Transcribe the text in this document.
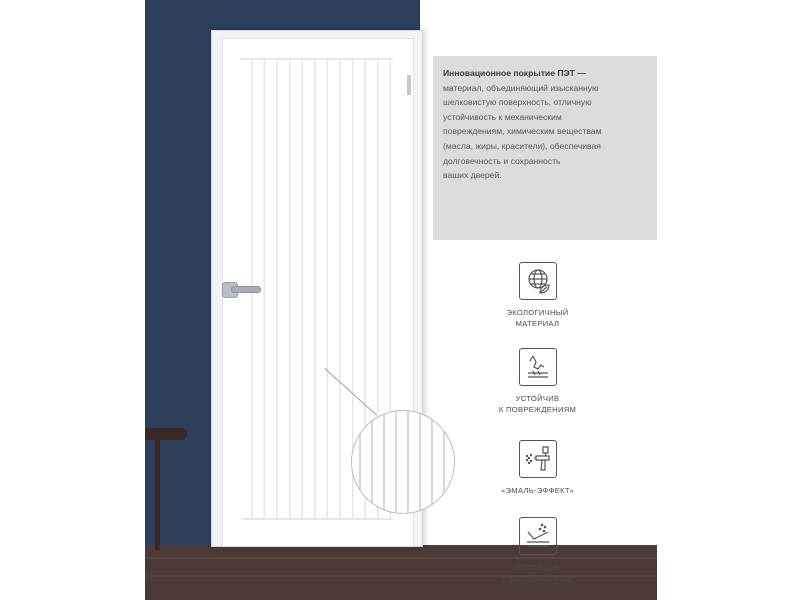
Инновационное покрытие ПЭТ —
материал, объединяющий изысканную
шелковистую поверхность, отличную
устойчивость к механическим
повреждениям, химическим веществам
(масла, жиры, красители), обеспечивая
долговечность и сохранность
ваших дверей.
ЭКОЛОГИЧНЫЙ
МАТЕРИАЛ
УСТОЙЧИВ
К ПОВРЕЖДЕНИЯМ
«ЭМАЛЬ-ЭФФЕКТ»
УСТОЙЧИВ
К ЗАГРЯЗНЕНИЯМ
